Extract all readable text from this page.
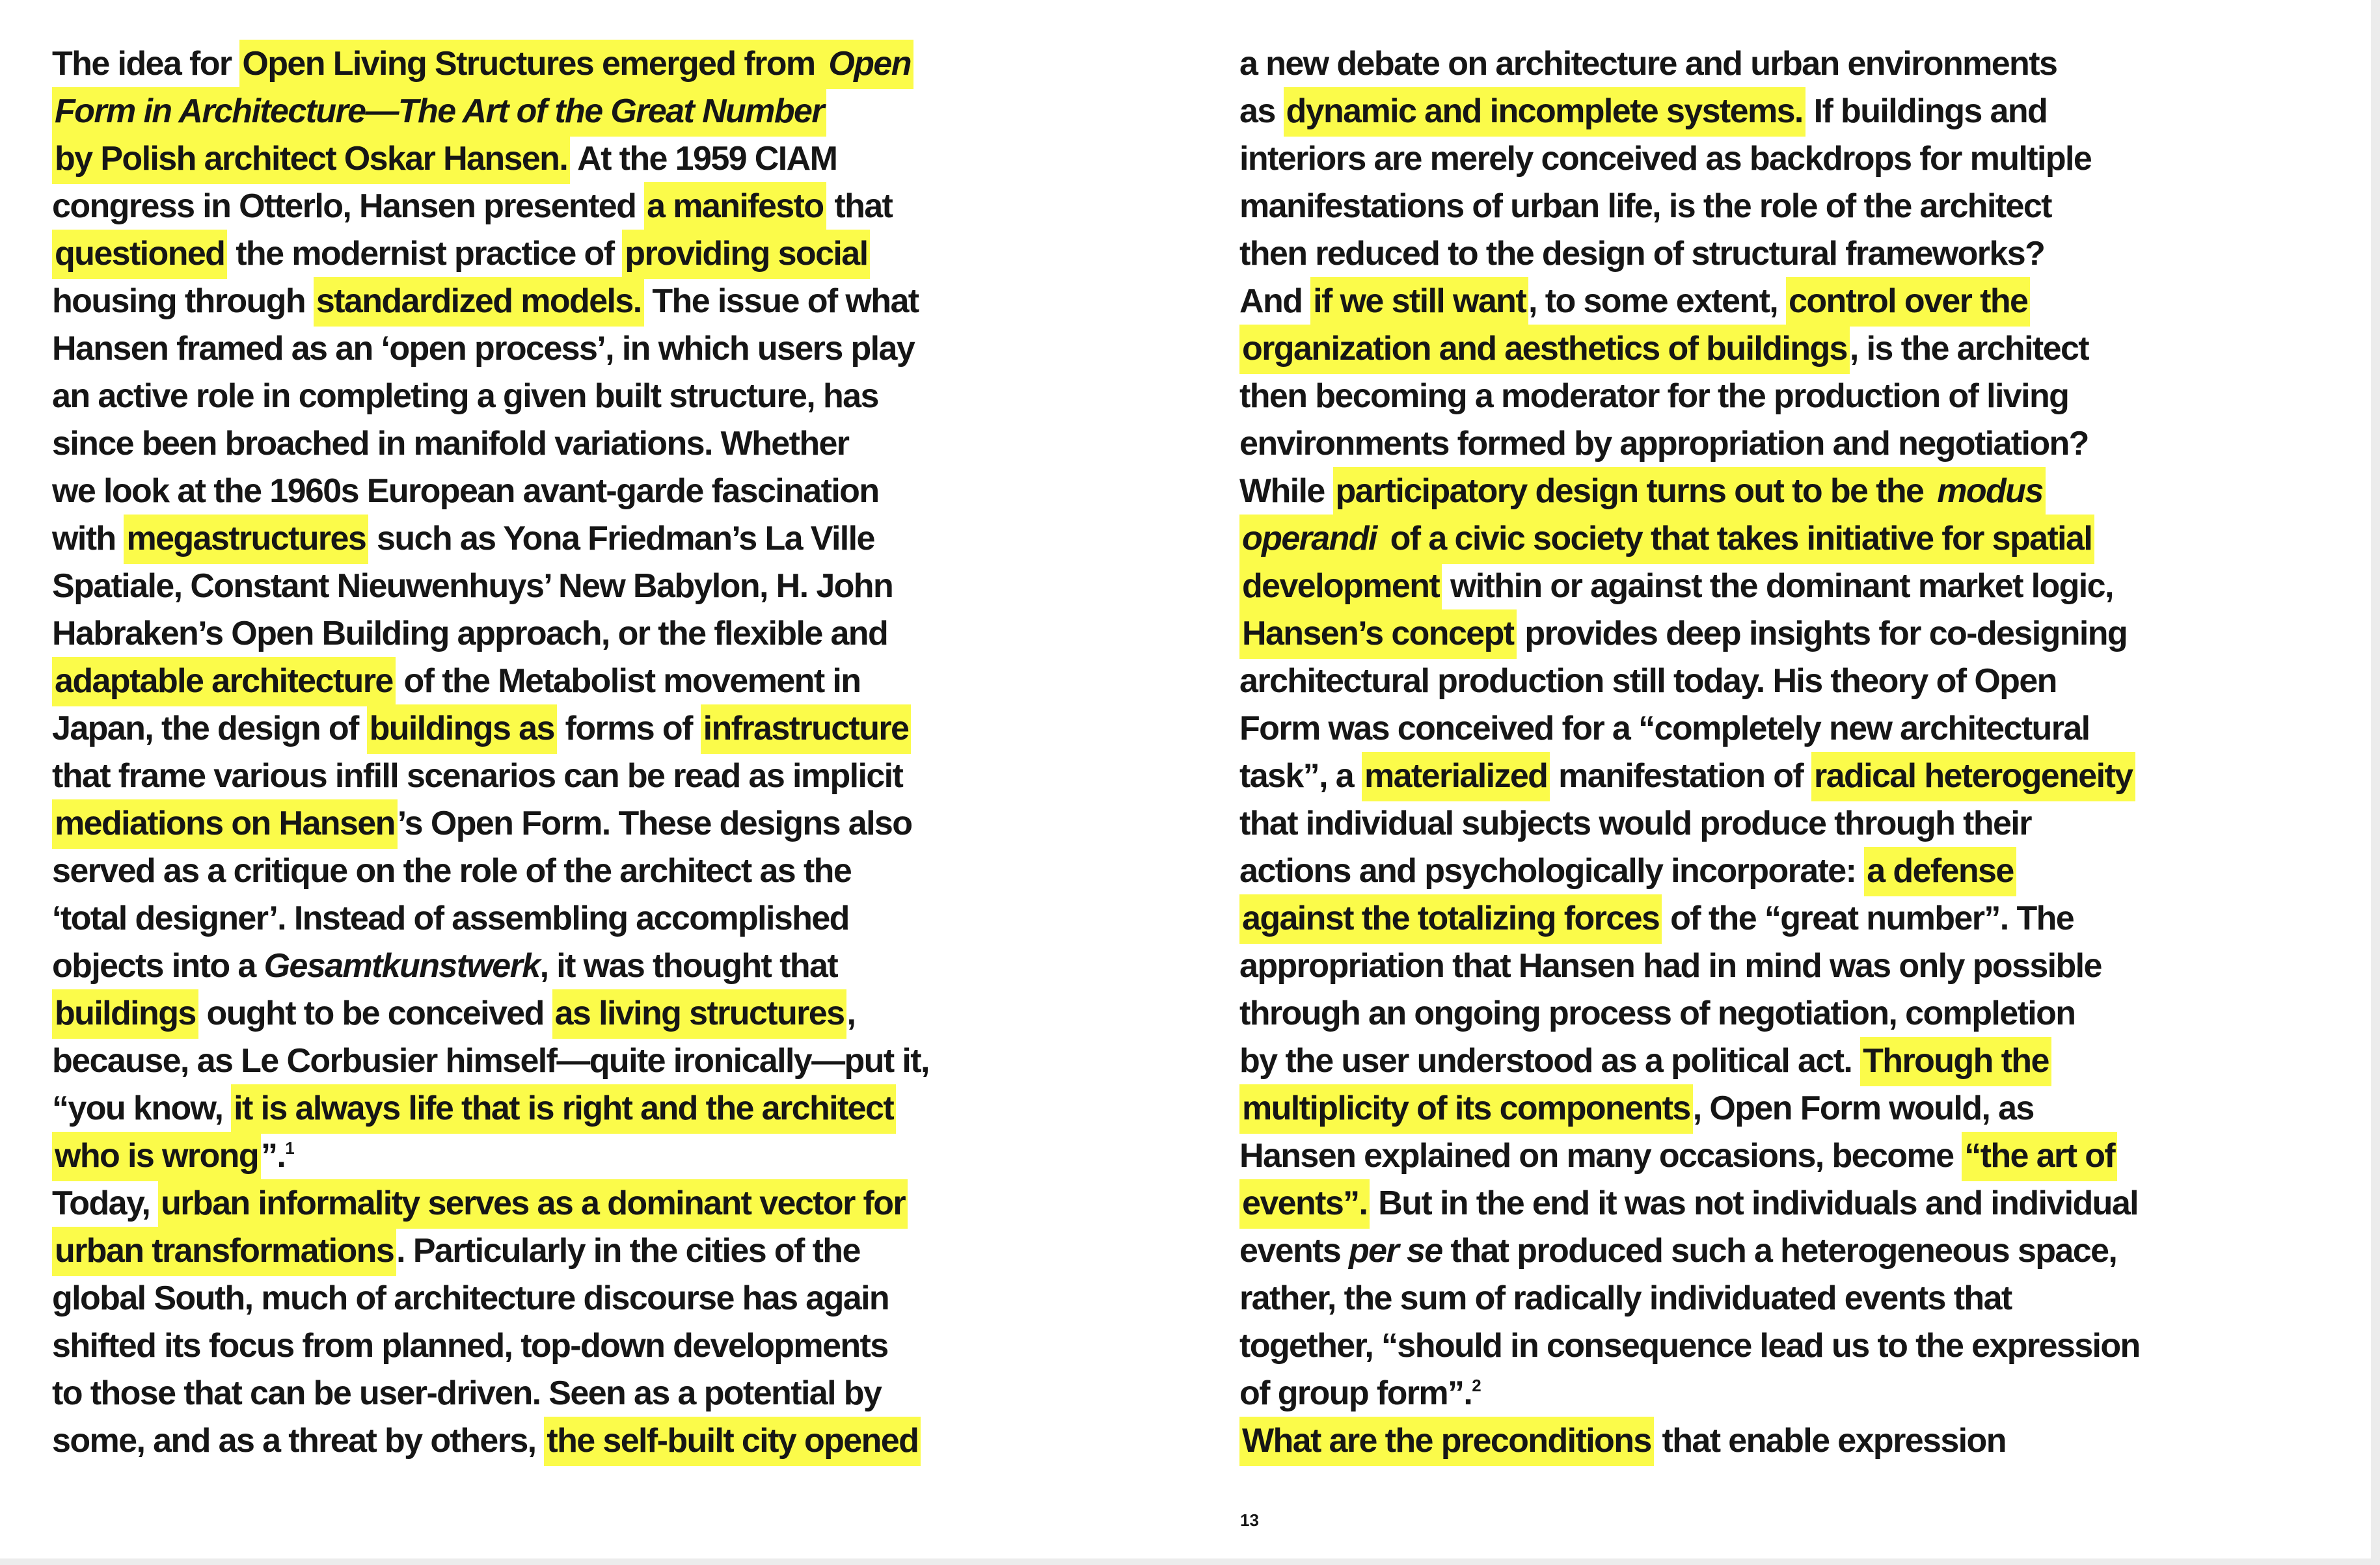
The idea for Open Living Structures emerged from Open
Form in Architecture—The Art of the Great Number
by Polish architect Oskar Hansen. At the 1959 CIAM
congress in Otterlo, Hansen presented a manifesto that
questioned the modernist practice of providing social
housing through standardized models. The issue of what
Hansen framed as an ‘open process’, in which users play
an active role in completing a given built structure, has
since been broached in manifold variations. Whether
we look at the 1960s European avant-garde fascination
with megastructures such as Yona Friedman’s La Ville
Spatiale, Constant Nieuwenhuys’ New Babylon, H. John
Habraken’s Open Building approach, or the flexible and
adaptable architecture of the Metabolist movement in
Japan, the design of buildings as forms of infrastructure
that frame various infill scenarios can be read as implicit
mediations on Hansen’s Open Form. These designs also
served as a critique on the role of the architect as the
‘total designer’. Instead of assembling accomplished
objects into a Gesamtkunstwerk, it was thought that
buildings ought to be conceived as living structures,
because, as Le Corbusier himself—quite ironically—put it,
“you know, it is always life that is right and the architect
who is wrong”.$^1$
Today, urban informality serves as a dominant vector for
urban transformations. Particularly in the cities of the
global South, much of architecture discourse has again
shifted its focus from planned, top-down developments
to those that can be user-driven. Seen as a potential by
some, and as a threat by others, the self-built city opened
a new debate on architecture and urban environments
as dynamic and incomplete systems. If buildings and
interiors are merely conceived as backdrops for multiple
manifestations of urban life, is the role of the architect
then reduced to the design of structural frameworks?
And if we still want, to some extent, control over the
organization and aesthetics of buildings, is the architect
then becoming a moderator for the production of living
environments formed by appropriation and negotiation?
While participatory design turns out to be the modus
operandi of a civic society that takes initiative for spatial
development within or against the dominant market logic,
Hansen’s concept provides deep insights for co-designing
architectural production still today. His theory of Open
Form was conceived for a “completely new architectural
task”, a materialized manifestation of radical heterogeneity
that individual subjects would produce through their
actions and psychologically incorporate: a defense
against the totalizing forces of the “great number”. The
appropriation that Hansen had in mind was only possible
through an ongoing process of negotiation, completion
by the user understood as a political act. Through the
multiplicity of its components, Open Form would, as
Hansen explained on many occasions, become “the art of
events”. But in the end it was not individuals and individual
events per se that produced such a heterogeneous space,
rather, the sum of radically individuated events that
together, “should in consequence lead us to the expression
of group form”.$^2$
What are the preconditions that enable expression
13
